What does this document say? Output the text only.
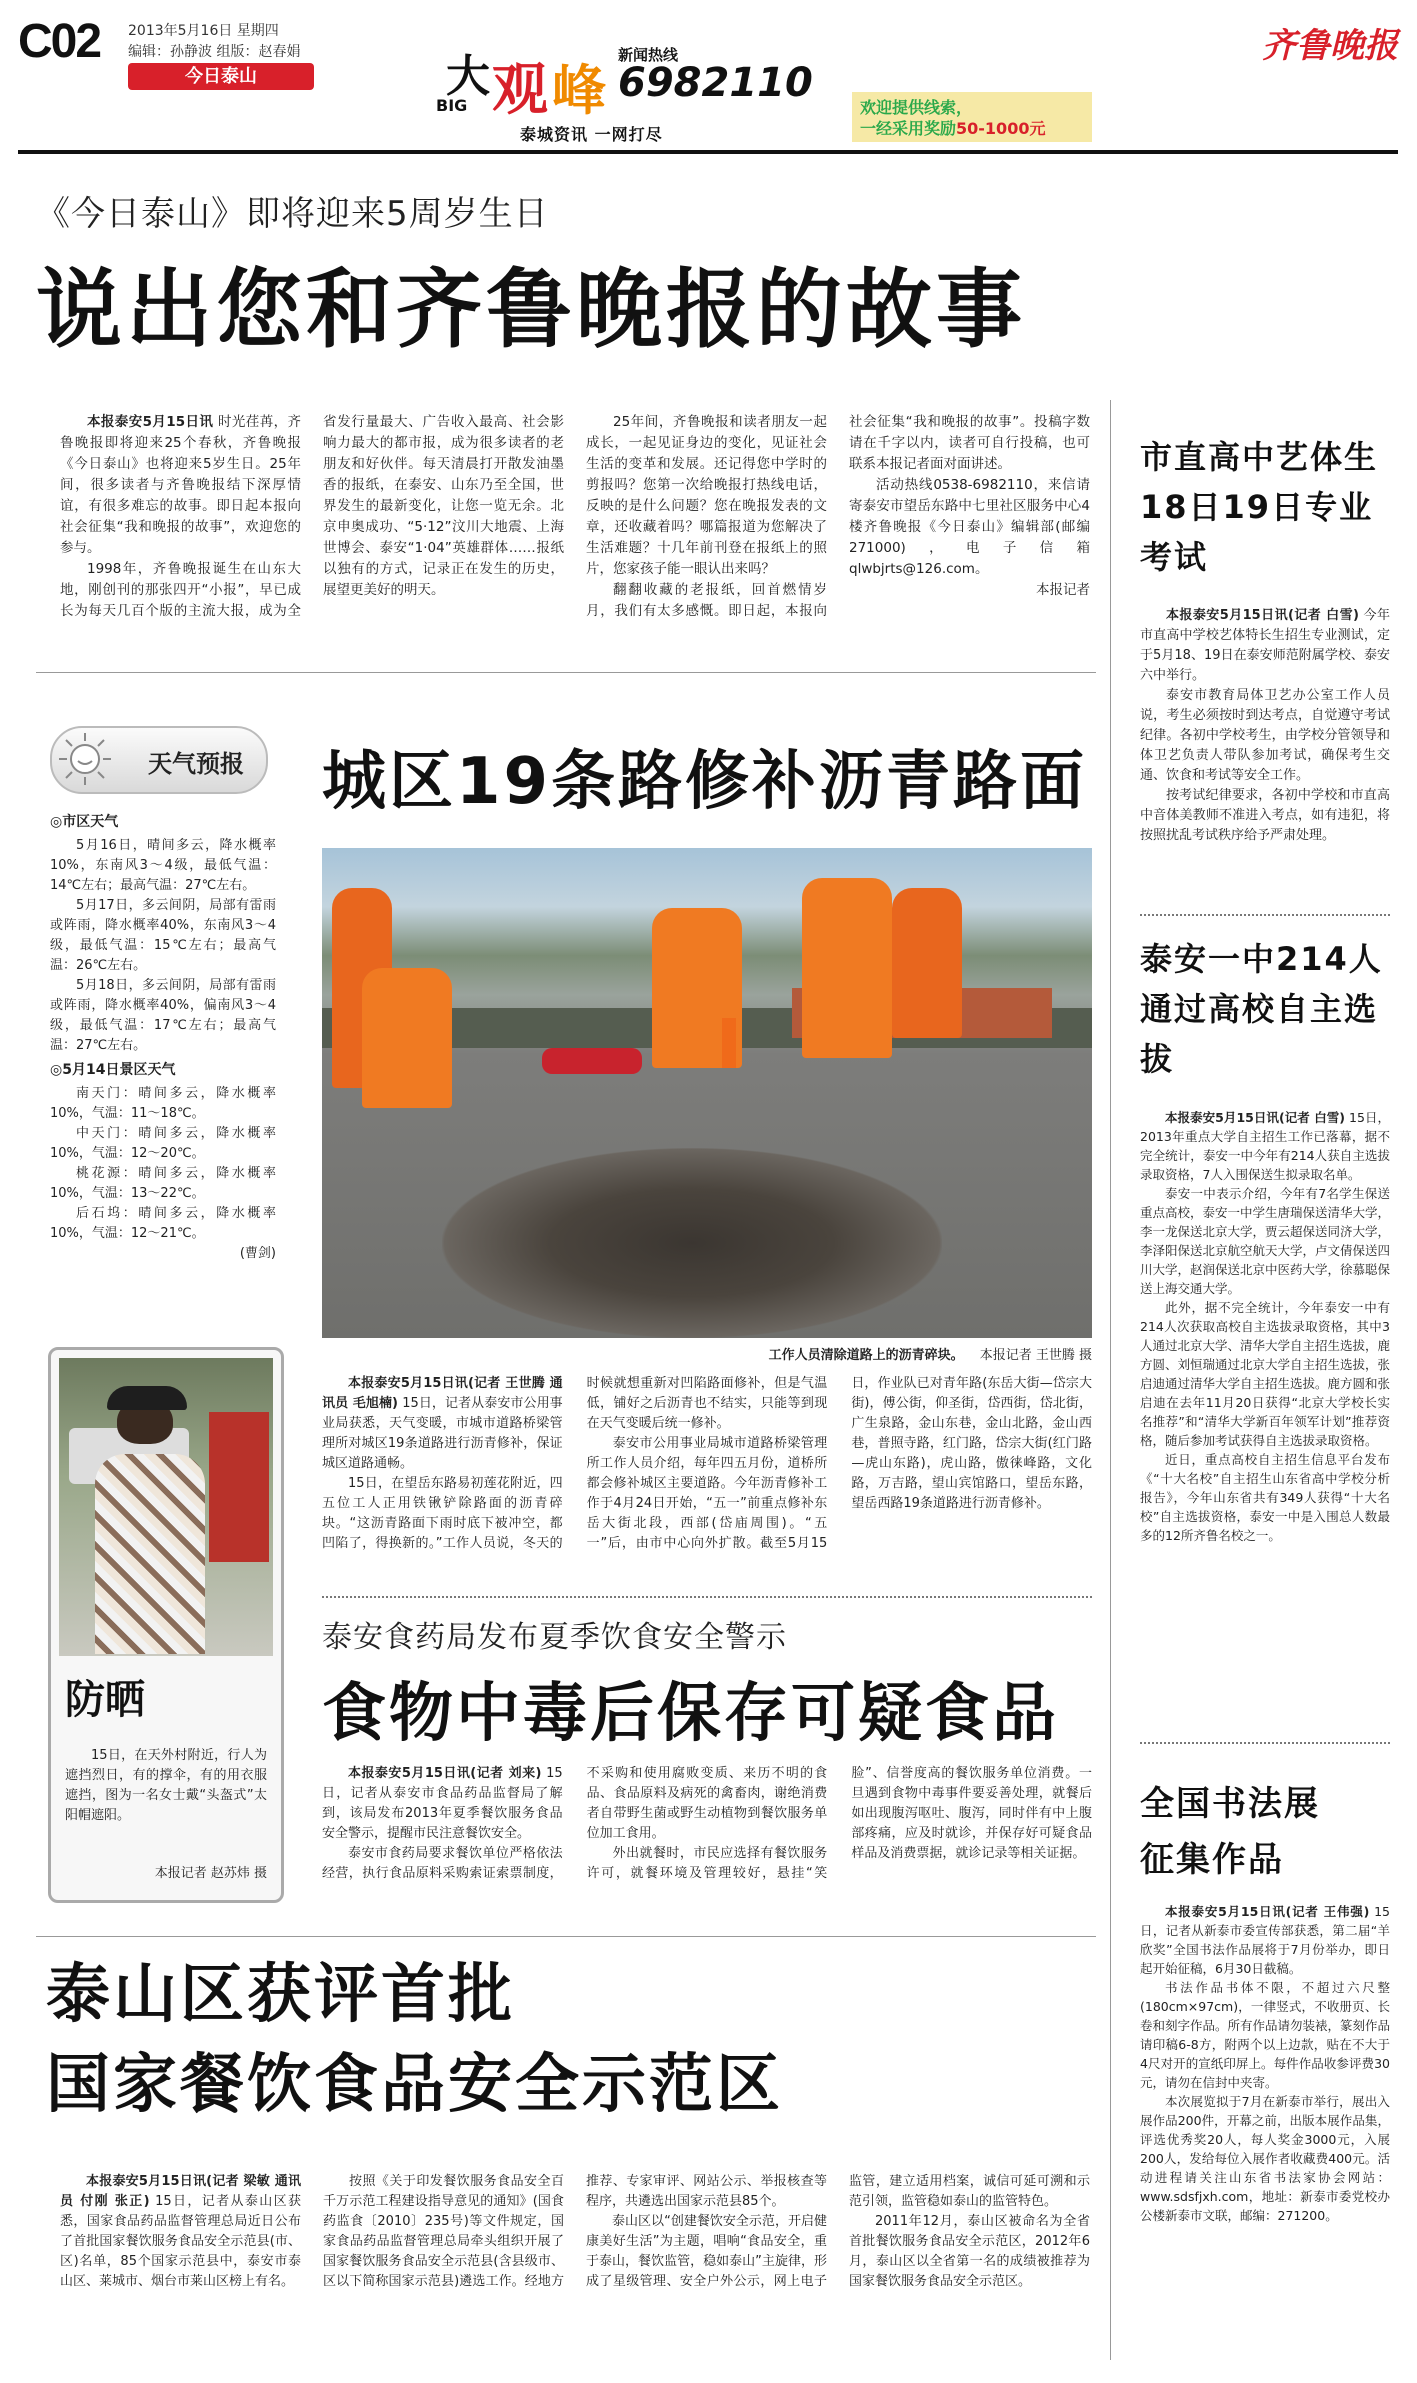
C02 2013年5月16日 星期四
编辑：孙静波 组版：赵春娟
今日泰山	大
BIG 观 峰
新闻热线
6982110
泰城资讯 一网打尽
欢迎提供线索，
一经采用奖励50-1000元
齐鲁晚报
《今日泰山》即将迎来5周岁生日
说出您和齐鲁晚报的故事

本报泰安5月15日讯 时光荏苒，齐鲁晚报即将迎来25个春秋，齐鲁晚报《今日泰山》也将迎来5岁生日。25年间，很多读者与齐鲁晚报结下深厚情谊，有很多难忘的故事。即日起本报向社会征集“我和晚报的故事”，欢迎您的参与。

1998年，齐鲁晚报诞生在山东大地，刚创刊的那张四开“小报”，早已成长为每天几百个版的主流大报，成为全省发行量最大、广告收入最高、社会影响力最大的都市报，成为很多读者的老朋友和好伙伴。每天清晨打开散发油墨香的报纸，在泰安、山东乃至全国，世界发生的最新变化，让您一览无余。北京申奥成功、“5·12”汶川大地震、上海世博会、泰安“1·04”英雄群体……报纸以独有的方式，记录正在发生的历史，展望更美好的明天。

25年间，齐鲁晚报和读者朋友一起成长，一起见证身边的变化，见证社会生活的变革和发展。还记得您中学时的剪报吗？您第一次给晚报打热线电话，反映的是什么问题？您在晚报发表的文章，还收藏着吗？哪篇报道为您解决了生活难题？十几年前刊登在报纸上的照片，您家孩子能一眼认出来吗？

翻翻收藏的老报纸，回首燃情岁月，我们有太多感慨。即日起，本报向社会征集“我和晚报的故事”。投稿字数请在千字以内，读者可自行投稿，也可联系本报记者面对面讲述。

活动热线0538-6982110，来信请寄泰安市望岳东路中七里社区服务中心4楼齐鲁晚报《今日泰山》编辑部(邮编271000)，电子信箱qlwbjrts@126.com。

本报记者

天气预报
◎市区天气

5月16日，晴间多云，降水概率10%，东南风3～4级，最低气温：14℃左右；最高气温：27℃左右。

5月17日，多云间阴，局部有雷雨或阵雨，降水概率40%，东南风3～4级，最低气温：15℃左右；最高气温：26℃左右。

5月18日，多云间阴，局部有雷雨或阵雨，降水概率40%，偏南风3～4级，最低气温：17℃左右；最高气温：27℃左右。

◎5月14日景区天气

南天门：晴间多云，降水概率10%，气温：11～18℃。

中天门：晴间多云，降水概率10%，气温：12～20℃。

桃花源：晴间多云，降水概率10%，气温：13～22℃。

后石坞：晴间多云，降水概率10%，气温：12～21℃。

(曹剑)
防晒
15日，在天外村附近，行人为遮挡烈日，有的撑伞，有的用衣服遮挡，图为一名女士戴“头盔式”太阳帽遮阳。
本报记者 赵苏炜 摄
城区19条路修补沥青路面
工作人员清除道路上的沥青碎块。 本报记者 王世腾 摄

本报泰安5月15日讯(记者 王世腾 通讯员 毛旭楠) 15日，记者从泰安市公用事业局获悉，天气变暖，市城市道路桥梁管理所对城区19条道路进行沥青修补，保证城区道路通畅。

15日，在望岳东路易初莲花附近，四五位工人正用铁锹铲除路面的沥青碎块。“这沥青路面下雨时底下被冲空，都凹陷了，得换新的。”工作人员说，冬天的时候就想重新对凹陷路面修补，但是气温低，铺好之后沥青也不结实，只能等到现在天气变暖后统一修补。

泰安市公用事业局城市道路桥梁管理所工作人员介绍，每年四五月份，道桥所都会修补城区主要道路。今年沥青修补工作于4月24日开始，“五一”前重点修补东岳大街北段，西部(岱庙周围)。“五一”后，由市中心向外扩散。截至5月15日，作业队已对青年路(东岳大街—岱宗大街)，傅公街，仰圣街，岱西街，岱北街，广生泉路，金山东巷，金山北路，金山西巷，普照寺路，红门路，岱宗大街(红门路—虎山东路)，虎山路，傲徕峰路，文化路，万吉路，望山宾馆路口，望岳东路，望岳西路19条道路进行沥青修补。

泰安食药局发布夏季饮食安全警示
食物中毒后保存可疑食品

本报泰安5月15日讯(记者 刘来) 15日，记者从泰安市食品药品监督局了解到，该局发布2013年夏季餐饮服务食品安全警示，提醒市民注意餐饮安全。

泰安市食药局要求餐饮单位严格依法经营，执行食品原料采购索证索票制度，不采购和使用腐败变质、来历不明的食品、食品原料及病死的禽畜肉，谢绝消费者自带野生菌或野生动植物到餐饮服务单位加工食用。

外出就餐时，市民应选择有餐饮服务许可，就餐环境及管理较好，悬挂“笑脸”、信誉度高的餐饮服务单位消费。一旦遇到食物中毒事件要妥善处理，就餐后如出现腹泻呕吐、腹泻，同时伴有中上腹部疼痛，应及时就诊，并保存好可疑食品样品及消费票据，就诊记录等相关证据。

泰山区获评首批
国家餐饮食品安全示范区

本报泰安5月15日讯(记者 梁敏 通讯员 付刚 张正) 15日，记者从泰山区获悉，国家食品药品监督管理总局近日公布了首批国家餐饮服务食品安全示范县(市、区)名单，85个国家示范县中，泰安市泰山区、莱城市、烟台市莱山区榜上有名。

按照《关于印发餐饮服务食品安全百千万示范工程建设指导意见的通知》(国食药监食〔2010〕235号)等文件规定，国家食品药品监督管理总局牵头组织开展了国家餐饮服务食品安全示范县(含县级市、区以下简称国家示范县)遴选工作。经地方推荐、专家审评、网站公示、举报核查等程序，共遴选出国家示范县85个。

泰山区以“创建餐饮安全示范，开启健康美好生活”为主题，唱响“食品安全，重于泰山，餐饮监管，稳如泰山”主旋律，形成了星级管理、安全户外公示，网上电子监管，建立适用档案，诚信可延可溯和示范引领，监管稳如泰山的监管特色。

2011年12月，泰山区被命名为全省首批餐饮服务食品安全示范区，2012年6月，泰山区以全省第一名的成绩被推荐为国家餐饮服务食品安全示范区。

市直高中艺体生
18日19日专业考试

本报泰安5月15日讯(记者 白雪) 今年市直高中学校艺体特长生招生专业测试，定于5月18、19日在泰安师范附属学校、泰安六中举行。

泰安市教育局体卫艺办公室工作人员说，考生必须按时到达考点，自觉遵守考试纪律。各初中学校考生，由学校分管领导和体卫艺负责人带队参加考试，确保考生交通、饮食和考试等安全工作。

按考试纪律要求，各初中学校和市直高中音体美教师不准进入考点，如有违犯，将按照扰乱考试秩序给予严肃处理。

泰安一中214人
通过高校自主选拔

本报泰安5月15日讯(记者 白雪) 15日，2013年重点大学自主招生工作已落幕，据不完全统计，泰安一中今年有214人获自主选拔录取资格，7人入围保送生拟录取名单。

泰安一中表示介绍，今年有7名学生保送重点高校，泰安一中学生唐瑞保送清华大学，李一龙保送北京大学，贾云超保送同济大学，李泽阳保送北京航空航天大学，卢文倩保送四川大学，赵润保送北京中医药大学，徐慕聪保送上海交通大学。

此外，据不完全统计，今年泰安一中有214人次获取高校自主选拔录取资格，其中3人通过北京大学、清华大学自主招生选拔，鹿方圆、刘恒瑞通过北京大学自主招生选拔，张启迪通过清华大学自主招生选拔。鹿方圆和张启迪在去年11月20日获得“北京大学校长实名推荐”和“清华大学新百年领军计划”推荐资格，随后参加考试获得自主选拔录取资格。

近日，重点高校自主招生信息平台发布《“十大名校”自主招生山东省高中学校分析报告》，今年山东省共有349人获得“十大名校”自主选拔资格，泰安一中是入围总人数最多的12所齐鲁名校之一。

全国书法展
征集作品

本报泰安5月15日讯(记者 王伟强) 15日，记者从新泰市委宣传部获悉，第二届“羊欣奖”全国书法作品展将于7月份举办，即日起开始征稿，6月30日截稿。

书法作品书体不限，不超过六尺整(180cm×97cm)，一律竖式，不收册页、长卷和刻字作品。所有作品请勿装裱，篆刻作品请印稿6-8方，附两个以上边款，贴在不大于4尺对开的宣纸印屏上。每件作品收参评费30元，请勿在信封中夹寄。

本次展览拟于7月在新泰市举行，展出入展作品200件，开幕之前，出版本展作品集，评选优秀奖20人，每人奖金3000元，入展200人，发给每位入展作者收藏费400元。活动进程请关注山东省书法家协会网站：www.sdsfjxh.com，地址：新泰市委党校办公楼新泰市文联，邮编：271200。
